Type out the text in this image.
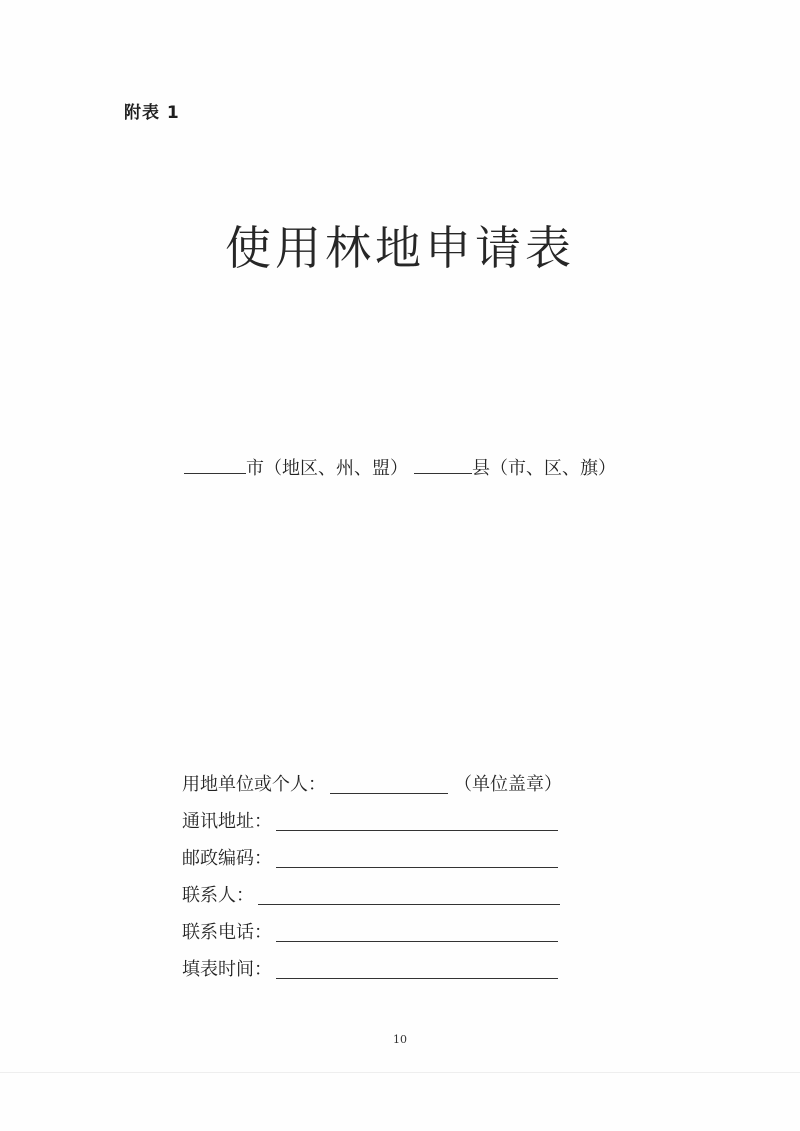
附表 1
使用林地申请表
市（地区、州、盟）	县（市、区、旗）
用地单位或个人：	（单位盖章）
通讯地址：
邮政编码：
联系人：
联系电话：
填表时间：
10
